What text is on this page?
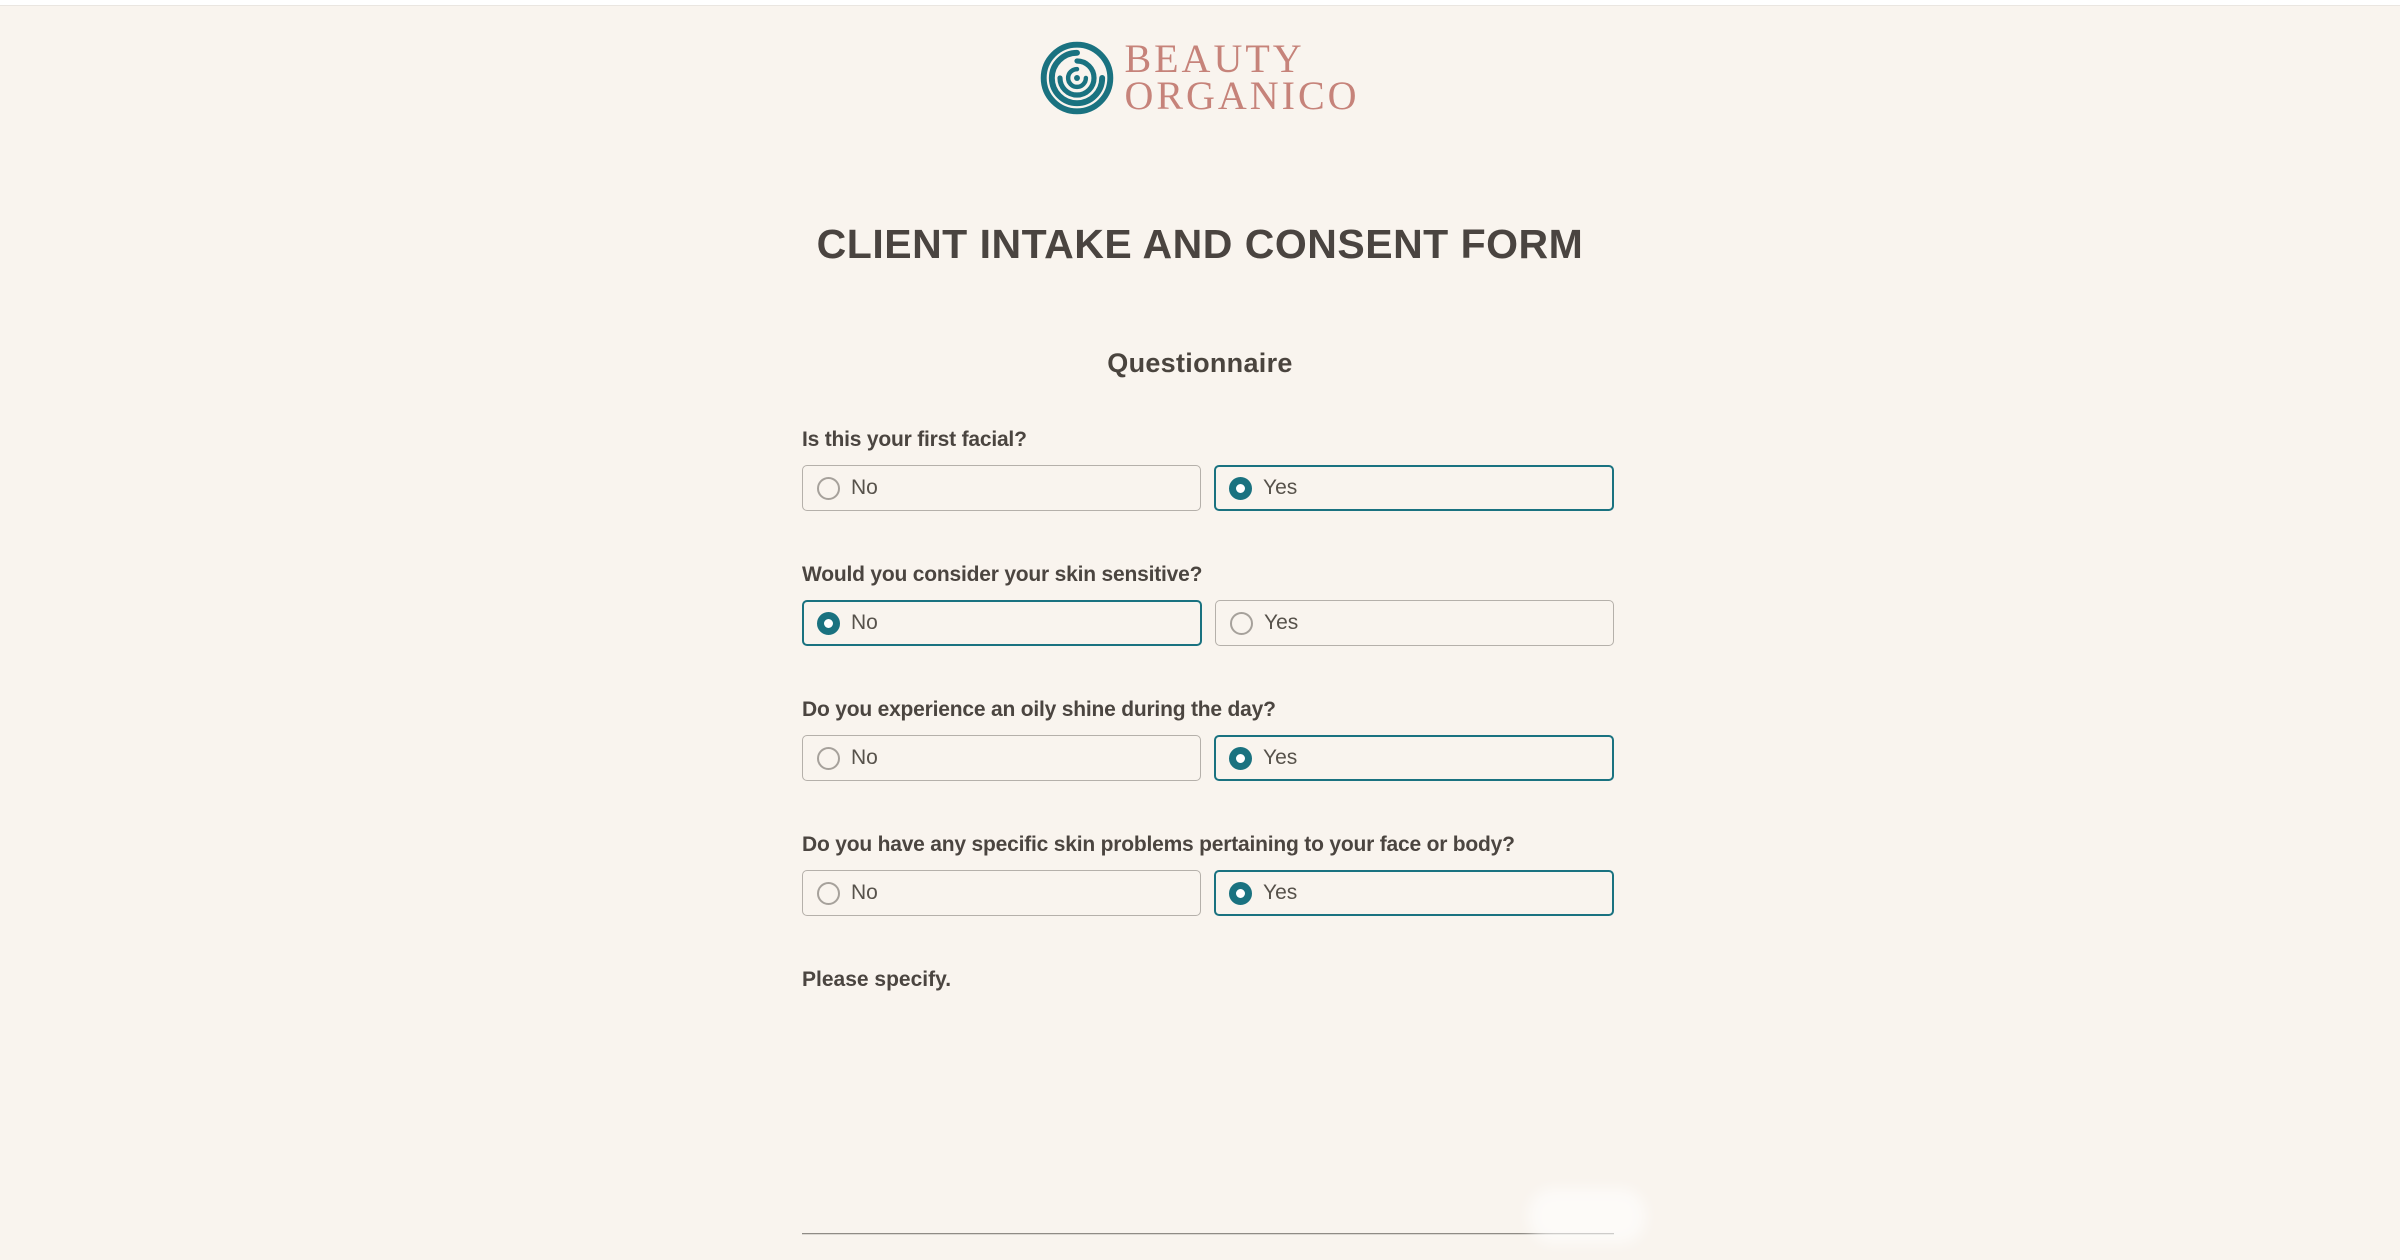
BEAUTY
ORGANICO
CLIENT INTAKE AND CONSENT FORM
Questionnaire
Is this your first facial?
No	Yes
Would you consider your skin sensitive?
No	Yes
Do you experience an oily shine during the day?
No	Yes
Do you have any specific skin problems pertaining to your face or body?
No	Yes
Please specify.
